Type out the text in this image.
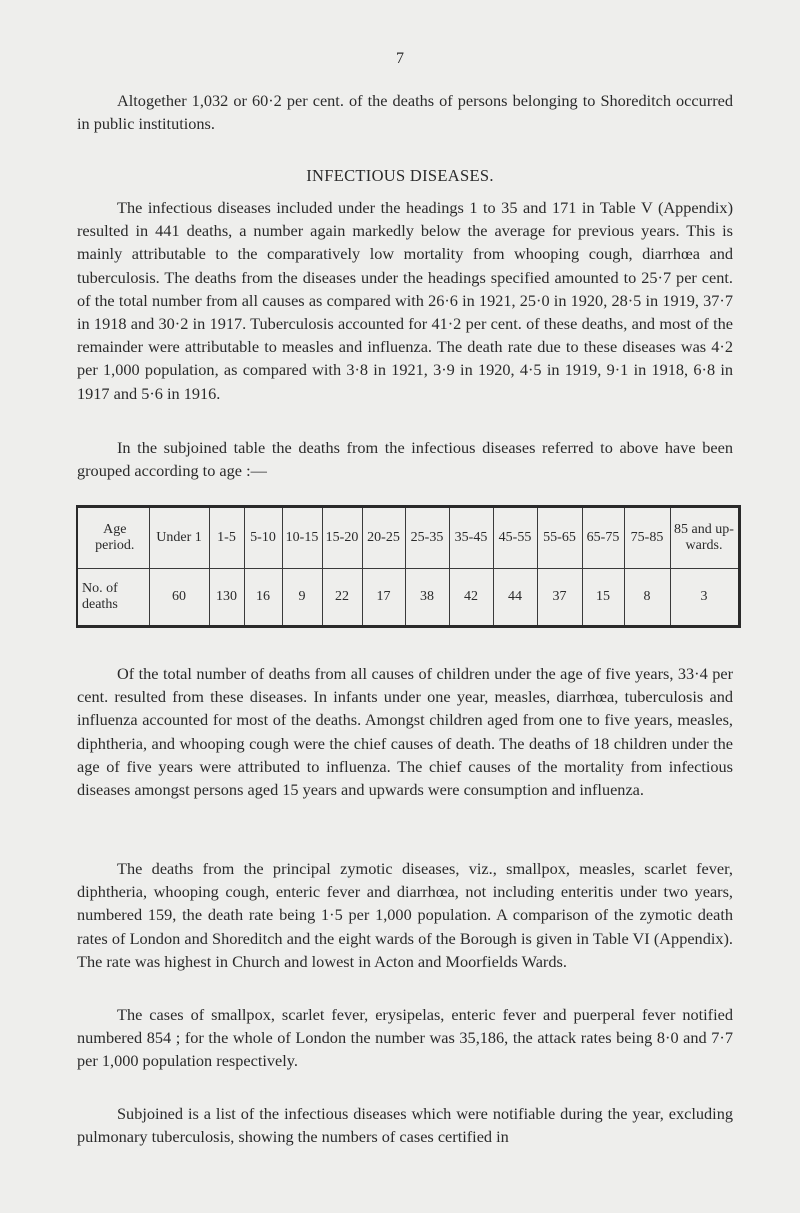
7

Altogether 1,032 or 60·2 per cent. of the deaths of persons belonging to Shoreditch occurred in public institutions.

INFECTIOUS DISEASES.

The infectious diseases included under the headings 1 to 35 and 171 in Table V (Appendix) resulted in 441 deaths, a number again markedly below the average for previous years. This is mainly attributable to the comparatively low mortality from whooping cough, diarrhœa and tuberculosis. The deaths from the diseases under the headings specified amounted to 25·7 per cent. of the total number from all causes as compared with 26·6 in 1921, 25·0 in 1920, 28·5 in 1919, 37·7 in 1918 and 30·2 in 1917. Tuberculosis accounted for 41·2 per cent. of these deaths, and most of the remainder were attributable to measles and influenza. The death rate due to these diseases was 4·2 per 1,000 population, as compared with 3·8 in 1921, 3·9 in 1920, 4·5 in 1919, 9·1 in 1918, 6·8 in 1917 and 5·6 in 1916.

In the subjoined table the deaths from the infectious diseases referred to above have been grouped according to age :—

Age period.	Under 1	1-5	5-10	10-15	15-20	20-25	25-35	35-45	45-55	55-65	65-75	75-85	85 and up- wards.
No. of deaths	60	130	16	9	22	17	38	42	44	37	15	8	3

Of the total number of deaths from all causes of children under the age of five years, 33·4 per cent. resulted from these diseases. In infants under one year, measles, diarrhœa, tuberculosis and influenza accounted for most of the deaths. Amongst children aged from one to five years, measles, diphtheria, and whooping cough were the chief causes of death. The deaths of 18 children under the age of five years were attributed to influenza. The chief causes of the mortality from infectious diseases amongst persons aged 15 years and upwards were consumption and influenza.

The deaths from the principal zymotic diseases, viz., smallpox, measles, scarlet fever, diphtheria, whooping cough, enteric fever and diarrhœa, not including enteritis under two years, numbered 159, the death rate being 1·5 per 1,000 population. A comparison of the zymotic death rates of London and Shoreditch and the eight wards of the Borough is given in Table VI (Appendix). The rate was highest in Church and lowest in Acton and Moorfields Wards.

The cases of smallpox, scarlet fever, erysipelas, enteric fever and puerperal fever notified numbered 854 ; for the whole of London the number was 35,186, the attack rates being 8·0 and 7·7 per 1,000 population respectively.

Subjoined is a list of the infectious diseases which were notifiable during the year, excluding pulmonary tuberculosis, showing the numbers of cases certified in
